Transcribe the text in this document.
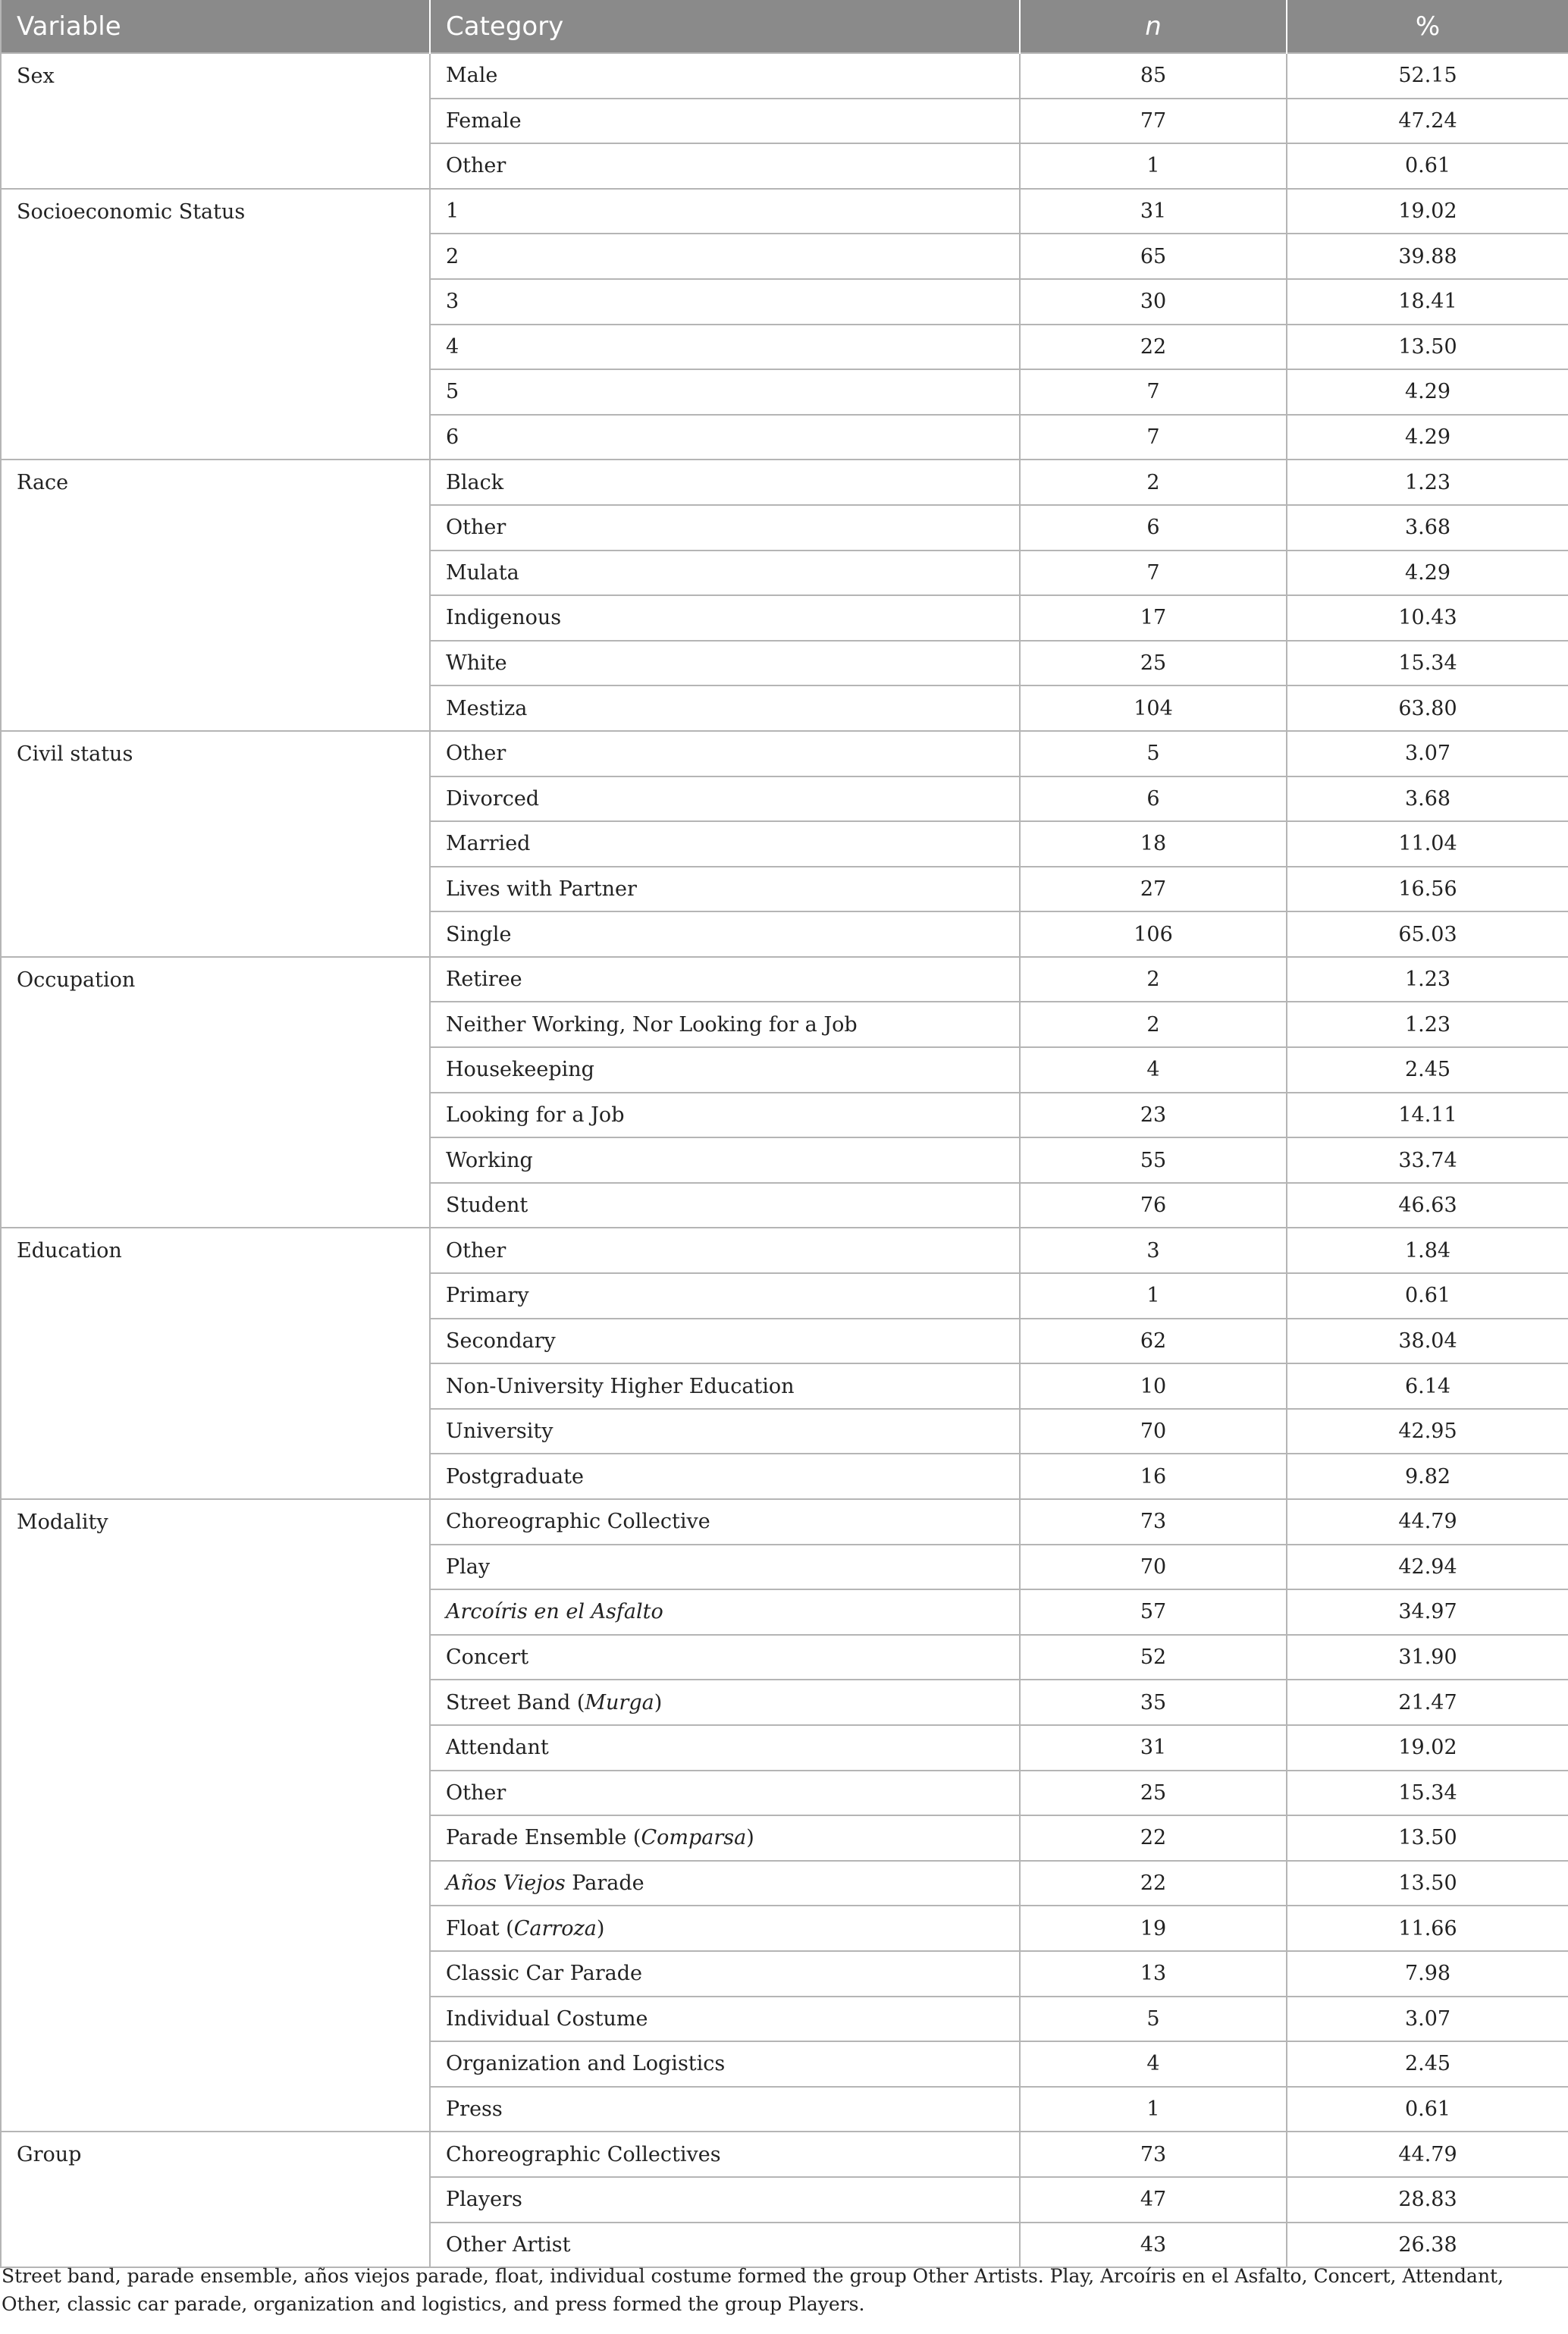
Variable	Category	n	%
Sex	Male	85	52.15
	Female	77	47.24
	Other	1	0.61
Socioeconomic Status	1	31	19.02
	2	65	39.88
	3	30	18.41
	4	22	13.50
	5	7	4.29
	6	7	4.29
Race	Black	2	1.23
	Other	6	3.68
	Mulata	7	4.29
	Indigenous	17	10.43
	White	25	15.34
	Mestiza	104	63.80
Civil status	Other	5	3.07
	Divorced	6	3.68
	Married	18	11.04
	Lives with Partner	27	16.56
	Single	106	65.03
Occupation	Retiree	2	1.23
	Neither Working, Nor Looking for a Job	2	1.23
	Housekeeping	4	2.45
	Looking for a Job	23	14.11
	Working	55	33.74
	Student	76	46.63
Education	Other	3	1.84
	Primary	1	0.61
	Secondary	62	38.04
	Non-University Higher Education	10	6.14
	University	70	42.95
	Postgraduate	16	9.82
Modality	Choreographic Collective	73	44.79
	Play	70	42.94
	Arcoíris en el Asfalto	57	34.97
	Concert	52	31.90
	Street Band (Murga)	35	21.47
	Attendant	31	19.02
	Other	25	15.34
	Parade Ensemble (Comparsa)	22	13.50
	Años Viejos Parade	22	13.50
	Float (Carroza)	19	11.66
	Classic Car Parade	13	7.98
	Individual Costume	5	3.07
	Organization and Logistics	4	2.45
	Press	1	0.61
Group	Choreographic Collectives	73	44.79
	Players	47	28.83
	Other Artist	43	26.38

Street band, parade ensemble, años viejos parade, float, individual costume formed the group Other Artists. Play, Arcoíris en el Asfalto, Concert, Attendant, Other, classic car parade, organization and logistics, and press formed the group Players.
